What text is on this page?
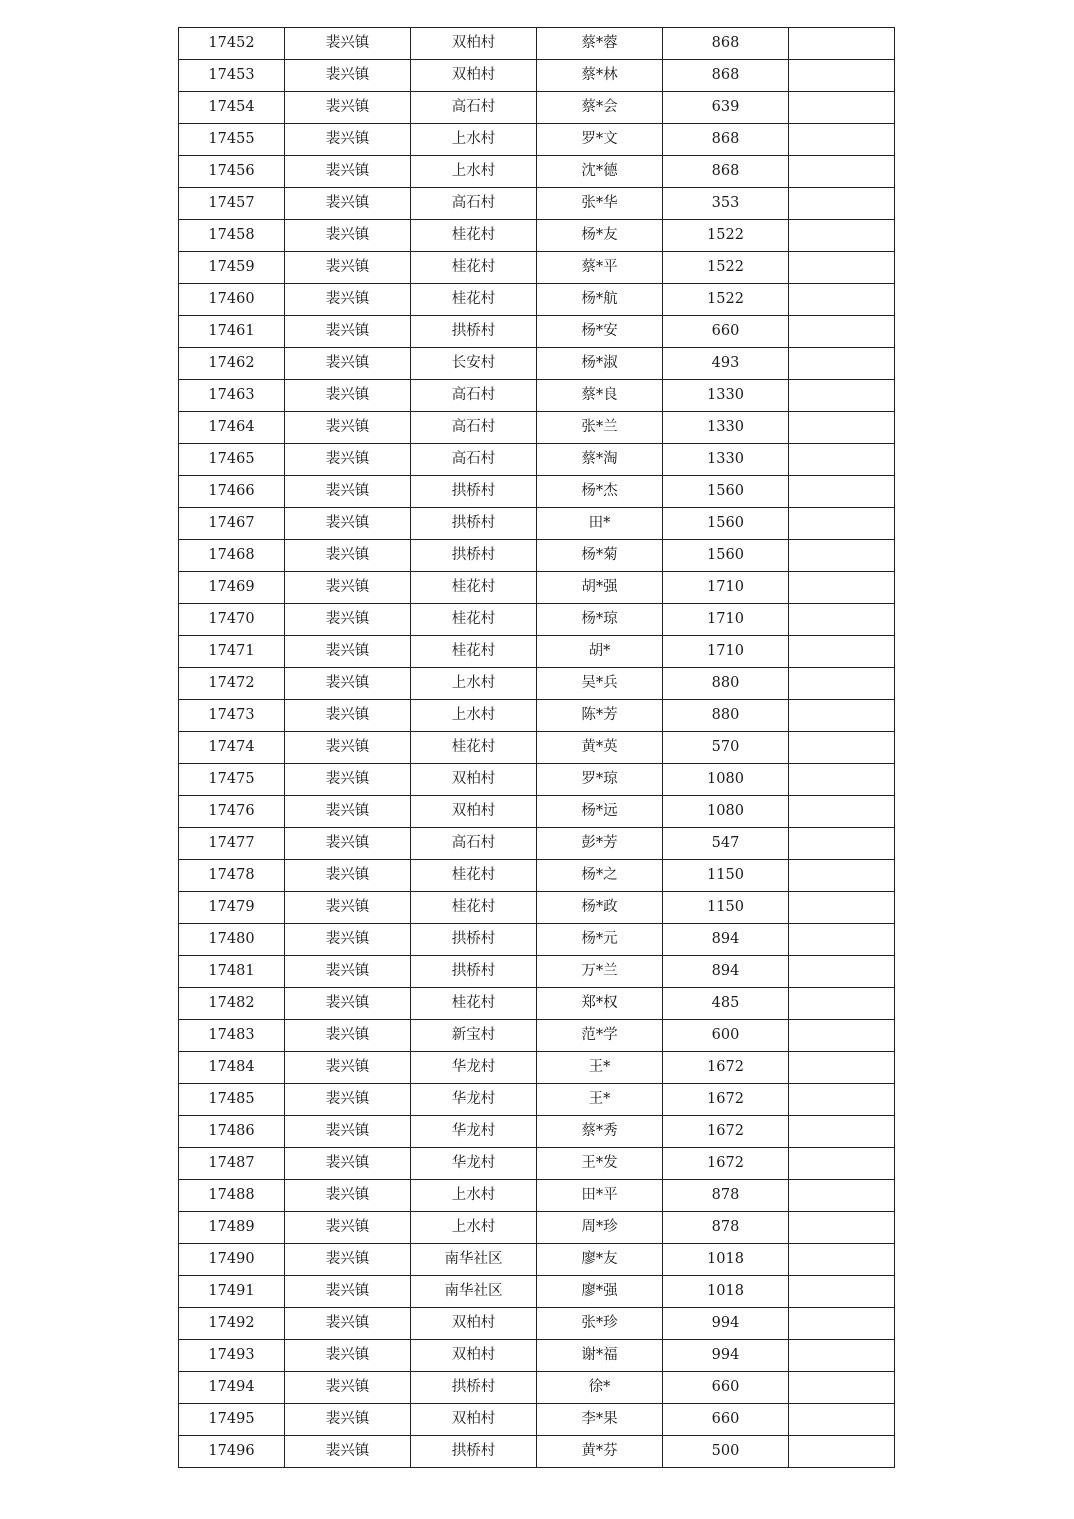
17452	裴兴镇	双柏村	蔡*蓉	868	
17453	裴兴镇	双柏村	蔡*林	868	
17454	裴兴镇	高石村	蔡*会	639	
17455	裴兴镇	上水村	罗*文	868	
17456	裴兴镇	上水村	沈*德	868	
17457	裴兴镇	高石村	张*华	353	
17458	裴兴镇	桂花村	杨*友	1522	
17459	裴兴镇	桂花村	蔡*平	1522	
17460	裴兴镇	桂花村	杨*航	1522	
17461	裴兴镇	拱桥村	杨*安	660	
17462	裴兴镇	长安村	杨*淑	493	
17463	裴兴镇	高石村	蔡*良	1330	
17464	裴兴镇	高石村	张*兰	1330	
17465	裴兴镇	高石村	蔡*淘	1330	
17466	裴兴镇	拱桥村	杨*杰	1560	
17467	裴兴镇	拱桥村	田*	1560	
17468	裴兴镇	拱桥村	杨*菊	1560	
17469	裴兴镇	桂花村	胡*强	1710	
17470	裴兴镇	桂花村	杨*琼	1710	
17471	裴兴镇	桂花村	胡*	1710	
17472	裴兴镇	上水村	吴*兵	880	
17473	裴兴镇	上水村	陈*芳	880	
17474	裴兴镇	桂花村	黄*英	570	
17475	裴兴镇	双柏村	罗*琼	1080	
17476	裴兴镇	双柏村	杨*远	1080	
17477	裴兴镇	高石村	彭*芳	547	
17478	裴兴镇	桂花村	杨*之	1150	
17479	裴兴镇	桂花村	杨*政	1150	
17480	裴兴镇	拱桥村	杨*元	894	
17481	裴兴镇	拱桥村	万*兰	894	
17482	裴兴镇	桂花村	郑*权	485	
17483	裴兴镇	新宝村	范*学	600	
17484	裴兴镇	华龙村	王*	1672	
17485	裴兴镇	华龙村	王*	1672	
17486	裴兴镇	华龙村	蔡*秀	1672	
17487	裴兴镇	华龙村	王*发	1672	
17488	裴兴镇	上水村	田*平	878	
17489	裴兴镇	上水村	周*珍	878	
17490	裴兴镇	南华社区	廖*友	1018	
17491	裴兴镇	南华社区	廖*强	1018	
17492	裴兴镇	双柏村	张*珍	994	
17493	裴兴镇	双柏村	谢*福	994	
17494	裴兴镇	拱桥村	徐*	660	
17495	裴兴镇	双柏村	李*果	660	
17496	裴兴镇	拱桥村	黄*芬	500	
